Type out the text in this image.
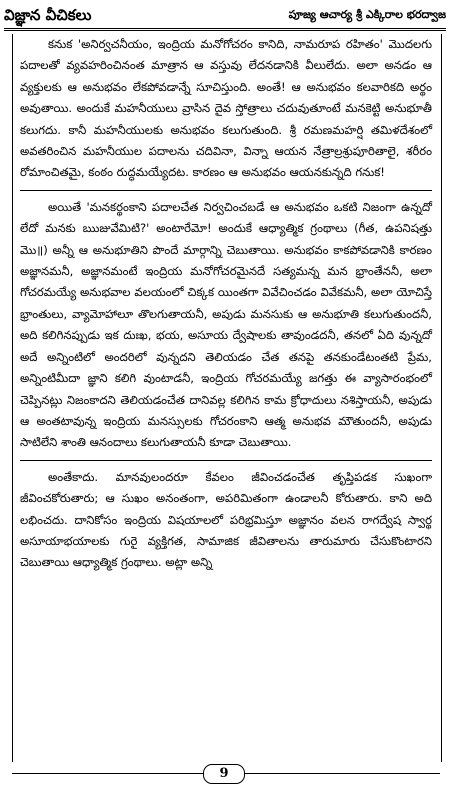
విజ్ఞాన వీచికలు	పూజ్య ఆచార్య శ్రీ ఎక్కిరాల భరద్వాజ

కనుక 'అనిర్వచనీయం, ఇంద్రియ మనోగోచరం కానిది, నామరూప రహితం' మొదలగు పదాలతో వ్యవహరించినంత మాత్రాన ఆ వస్తువు లేదనడానికి వీలులేదు. అలా అనడం ఆ వ్యక్తులకు ఆ అనుభవం లేకపోవడాన్నే సూచిస్తుంది. అంతే! ఆ అనుభవం కలవారికది అర్థం అవుతాయి. అందుకే మహనీయులు వ్రాసిన దైవ స్తోత్రాలు చదువుతూంటే మనకెట్టి అనుభూతీ కలుగదు. కానీ మహనీయులకు అనుభవం కలుగుతుంది. శ్రీ రమణమహర్షి తమిళదేశంలో అవతరించిన మహనీయుల పదాలను చదివినా, విన్నా ఆయన నేత్రాల్రశ్రుపూరితాలై, శరీరం రోమాంచితమై, కంఠం రుద్ధమయ్యేదట. కారణం ఆ అనుభవం ఆయనకున్నది గనుక!

అయితే 'మనకర్థంకాని పదాలచేత నిర్వచించబడే ఆ అనుభవం ఒకటి నిజంగా ఉన్నదో లేదో మనకు ఋజువేమిటి?' అంటారేమో! అందుకే ఆధ్యాత్మిక గ్రంథాలు (గీత, ఉపనిషత్తు మొ॥) అన్నీ ఆ అనుభూతిని పొందే మార్గాన్ని చెబుతాయి. అనుభవం కాకపోవడానికి కారణం అజ్ఞానమనీ, అజ్ఞానమంటే ఇంద్రియ మనోగోచరమైనదే సత్యమన్న మన భ్రాంతేననీ, అలా గోచరమయ్యే అనుభవాల వలయంలో చిక్కక యింతగా వివేచించడం వివేకమనీ, అలా యోచిస్తే భ్రాంతులు, వ్యామోహాలూ తొలగుతాయనీ, అపుడు మనసుకు ఆ అనుభూతి కలుగుతుందనీ, అది కలిగినప్పుడు ఇక దుఃఖ, భయ, అసూయ ద్వేషాలకు తావుండదనీ, తనలో ఏది వున్నదో అదే అన్నింటిలో అందరిలో వున్నదని తెలియడం చేత తనపై తనకుండేటంతటి ప్రేమ, అన్నింటిమీదా జ్ఞాని కలిగి వుంటాడనీ, ఇంద్రియ గోచరమయ్యే జగత్తు ఈ వ్యాసారంభంలో చెప్పినట్లు నిజంకాదని తెలియడంచేత దానివల్ల కలిగిన కామ క్రోధాదులు నశిస్తాయనీ, అపుడు ఆ అంతటావున్న ఇంద్రియ మనస్సులకు గోచరంకాని ఆత్మ అనుభవ మౌతుందనీ, అపుడు సాటిలేని శాంతి ఆనందాలు కలుగుతాయనీ కూడా చెబుతాయి.

అంతేకాదు. మానవులందరూ కేవలం జీవించడంచేత తృప్తిపడక సుఖంగా జీవించకోరుతారు; ఆ సుఖం అనంతంగా, అపరిమితంగా ఉండాలనీ కోరుతారు. కాని అది లభించదు. దానికోసం ఇంద్రియ విషయాలలో పరిభ్రమిస్తూ అజ్ఞానం వలన రాగద్వేష స్వార్థ అసూయాభయాలకు గురై వ్యక్తిగత, సామాజిక జీవితాలను తారుమారు చేసుకొంటారని చెబుతాయి ఆధ్యాత్మిక గ్రంథాలు. అట్లా అన్ని

9
